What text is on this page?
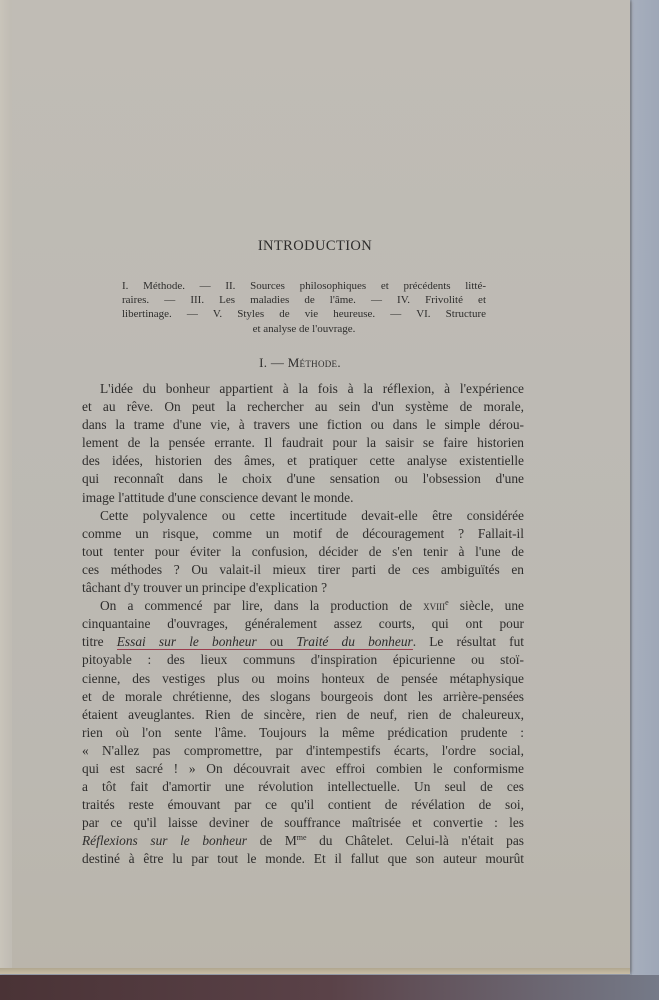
INTRODUCTION
I. Méthode. — II. Sources philosophiques et précédents litté-
raires. — III. Les maladies de l'âme. — IV. Frivolité et
libertinage. — V. Styles de vie heureuse. — VI. Structure
et analyse de l'ouvrage.
I. — Méthode.
L'idée du bonheur appartient à la fois à la réflexion, à l'expérience
et au rêve. On peut la rechercher au sein d'un système de morale,
dans la trame d'une vie, à travers une fiction ou dans le simple dérou-
lement de la pensée errante. Il faudrait pour la saisir se faire historien
des idées, historien des âmes, et pratiquer cette analyse existentielle
qui reconnaît dans le choix d'une sensation ou l'obsession d'une
image l'attitude d'une conscience devant le monde.
Cette polyvalence ou cette incertitude devait-elle être considérée
comme un risque, comme un motif de découragement ? Fallait-il
tout tenter pour éviter la confusion, décider de s'en tenir à l'une de
ces méthodes ? Ou valait-il mieux tirer parti de ces ambiguïtés en
tâchant d'y trouver un principe d'explication ?
On a commencé par lire, dans la production de xviii$^e$ siècle, une
cinquantaine d'ouvrages, généralement assez courts, qui ont pour
titre Essai sur le bonheur ou Traité du bonheur. Le résultat fut
pitoyable : des lieux communs d'inspiration épicurienne ou stoï-
cienne, des vestiges plus ou moins honteux de pensée métaphysique
et de morale chrétienne, des slogans bourgeois dont les arrière-pensées
étaient aveuglantes. Rien de sincère, rien de neuf, rien de chaleureux,
rien où l'on sente l'âme. Toujours la même prédication prudente :
« N'allez pas compromettre, par d'intempestifs écarts, l'ordre social,
qui est sacré ! » On découvrait avec effroi combien le conformisme
a tôt fait d'amortir une révolution intellectuelle. Un seul de ces
traités reste émouvant par ce qu'il contient de révélation de soi,
par ce qu'il laisse deviner de souffrance maîtrisée et convertie : les
Réflexions sur le bonheur de $M^{me}$ du Châtelet. Celui-là n'était pas
destiné à être lu par tout le monde. Et il fallut que son auteur mourût
